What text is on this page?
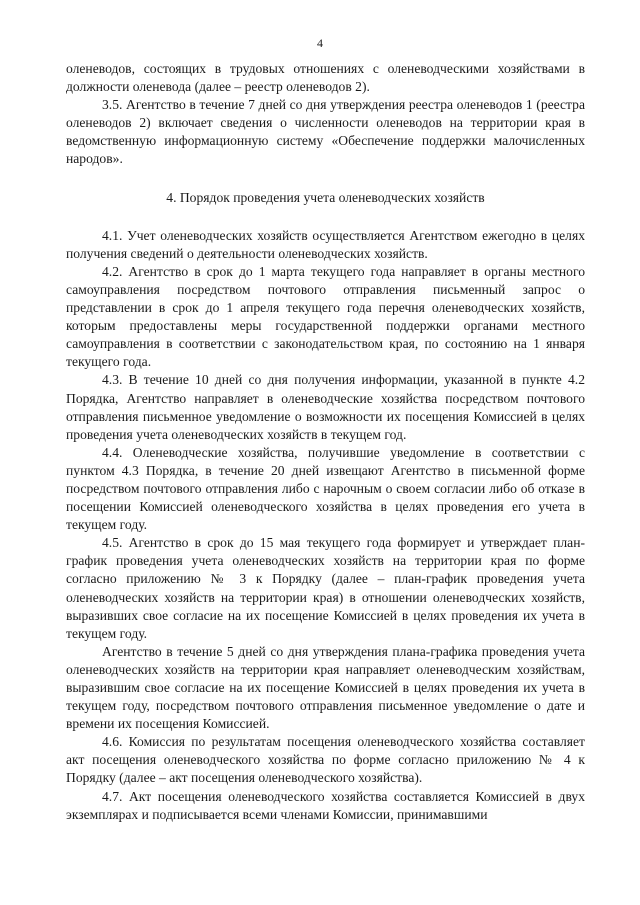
4

оленеводов, состоящих в трудовых отношениях с оленеводческими хозяйствами в должности оленевода (далее – реестр оленеводов 2).

3.5. Агентство в течение 7 дней со дня утверждения реестра оленеводов 1 (реестра оленеводов 2) включает сведения о численности оленеводов на территории края в ведомственную информационную систему «Обеспечение поддержки малочисленных народов».

4. Порядок проведения учета оленеводческих хозяйств

4.1. Учет оленеводческих хозяйств осуществляется Агентством ежегодно в целях получения сведений о деятельности оленеводческих хозяйств.

4.2. Агентство в срок до 1 марта текущего года направляет в органы местного самоуправления посредством почтового отправления письменный запрос о представлении в срок до 1 апреля текущего года перечня оленеводческих хозяйств, которым предоставлены меры государственной поддержки органами местного самоуправления в соответствии с законодательством края, по состоянию на 1 января текущего года.

4.3. В течение 10 дней со дня получения информации, указанной в пункте 4.2 Порядка, Агентство направляет в оленеводческие хозяйства посредством почтового отправления письменное уведомление о возможности их посещения Комиссией в целях проведения учета оленеводческих хозяйств в текущем год.

4.4. Оленеводческие хозяйства, получившие уведомление в соответствии с пунктом 4.3 Порядка, в течение 20 дней извещают Агентство в письменной форме посредством почтового отправления либо с нарочным о своем согласии либо об отказе в посещении Комиссией оленеводческого хозяйства в целях проведения его учета в текущем году.

4.5. Агентство в срок до 15 мая текущего года формирует и утверждает план-график проведения учета оленеводческих хозяйств на территории края по форме согласно приложению № 3 к Порядку (далее – план-график проведения учета оленеводческих хозяйств на территории края) в отношении оленеводческих хозяйств, выразивших свое согласие на их посещение Комиссией в целях проведения их учета в текущем году.

Агентство в течение 5 дней со дня утверждения плана-графика проведения учета оленеводческих хозяйств на территории края направляет оленеводческим хозяйствам, выразившим свое согласие на их посещение Комиссией в целях проведения их учета в текущем году, посредством почтового отправления письменное уведомление о дате и времени их посещения Комиссией.

4.6. Комиссия по результатам посещения оленеводческого хозяйства составляет акт посещения оленеводческого хозяйства по форме согласно приложению № 4 к Порядку (далее – акт посещения оленеводческого хозяйства).

4.7. Акт посещения оленеводческого хозяйства составляется Комиссией в двух экземплярах и подписывается всеми членами Комиссии, принимавшими
